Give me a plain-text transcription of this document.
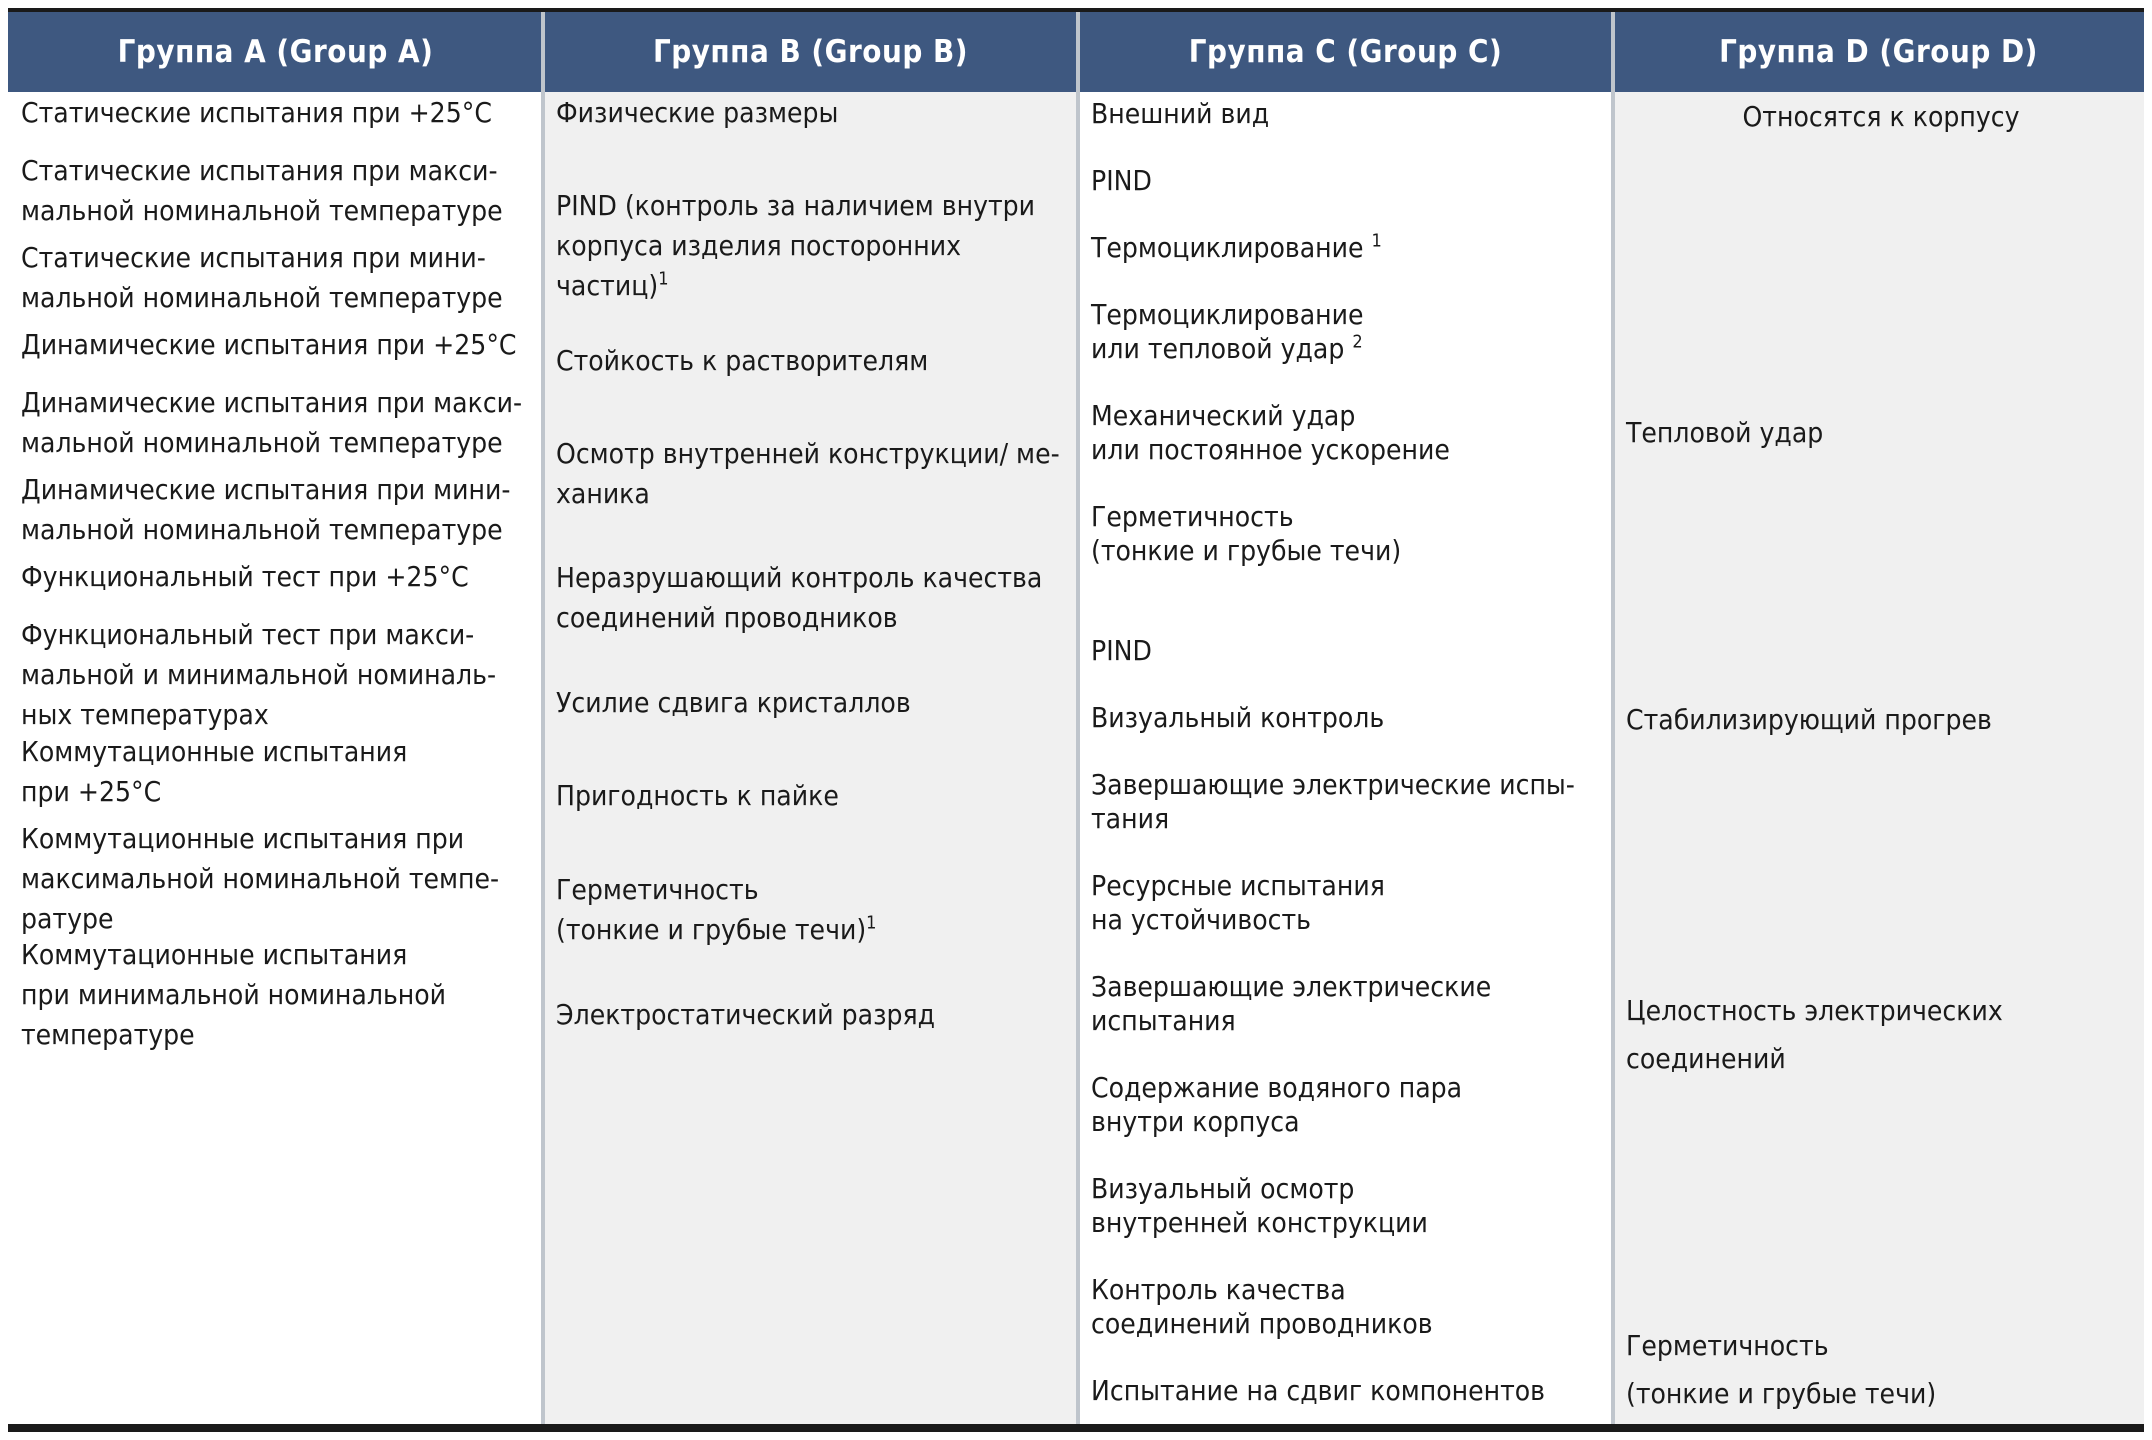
Группа A (Group A)
Статические испытания при +25°С
Статические испытания при макси-
мальной номинальной температуре
Статические испытания при мини-
мальной номинальной температуре
Динамические испытания при +25°С
Динамические испытания при макси-
мальной номинальной температуре
Динамические испытания при мини-
мальной номинальной температуре
Функциональный тест при +25°С
Функциональный тест при макси-
мальной и минимальной номиналь-
ных температурах
Коммутационные испытания
при +25°С
Коммутационные испытания при
максимальной номинальной темпе-
ратуре
Коммутационные испытания
при минимальной номинальной
температуре
Группа B (Group B)
Физические размеры
PIND (контроль за наличием внутри
корпуса изделия посторонних
частиц)$^1$
Стойкость к растворителям
Осмотр внутренней конструкции/ ме-
ханика
Неразрушающий контроль качества
соединений проводников
Усилие сдвига кристаллов
Пригодность к пайке
Герметичность
(тонкие и грубые течи)$^1$
Электростатический разряд
Группа C (Group C)
Внешний вид
PIND
Термоциклирование $^1$
Термоциклирование
или тепловой удар $^2$
Механический удар
или постоянное ускорение
Герметичность
(тонкие и грубые течи)
PIND
Визуальный контроль
Завершающие электрические испы-
тания
Ресурсные испытания
на устойчивость
Завершающие электрические
испытания
Содержание водяного пара
внутри корпуса
Визуальный осмотр
внутренней конструкции
Контроль качества
соединений проводников
Испытание на сдвиг компонентов
Группа D (Group D)
Относятся к корпусу
Тепловой удар
Стабилизирующий прогрев
Целостность электрических
соединений
Герметичность
(тонкие и грубые течи)
